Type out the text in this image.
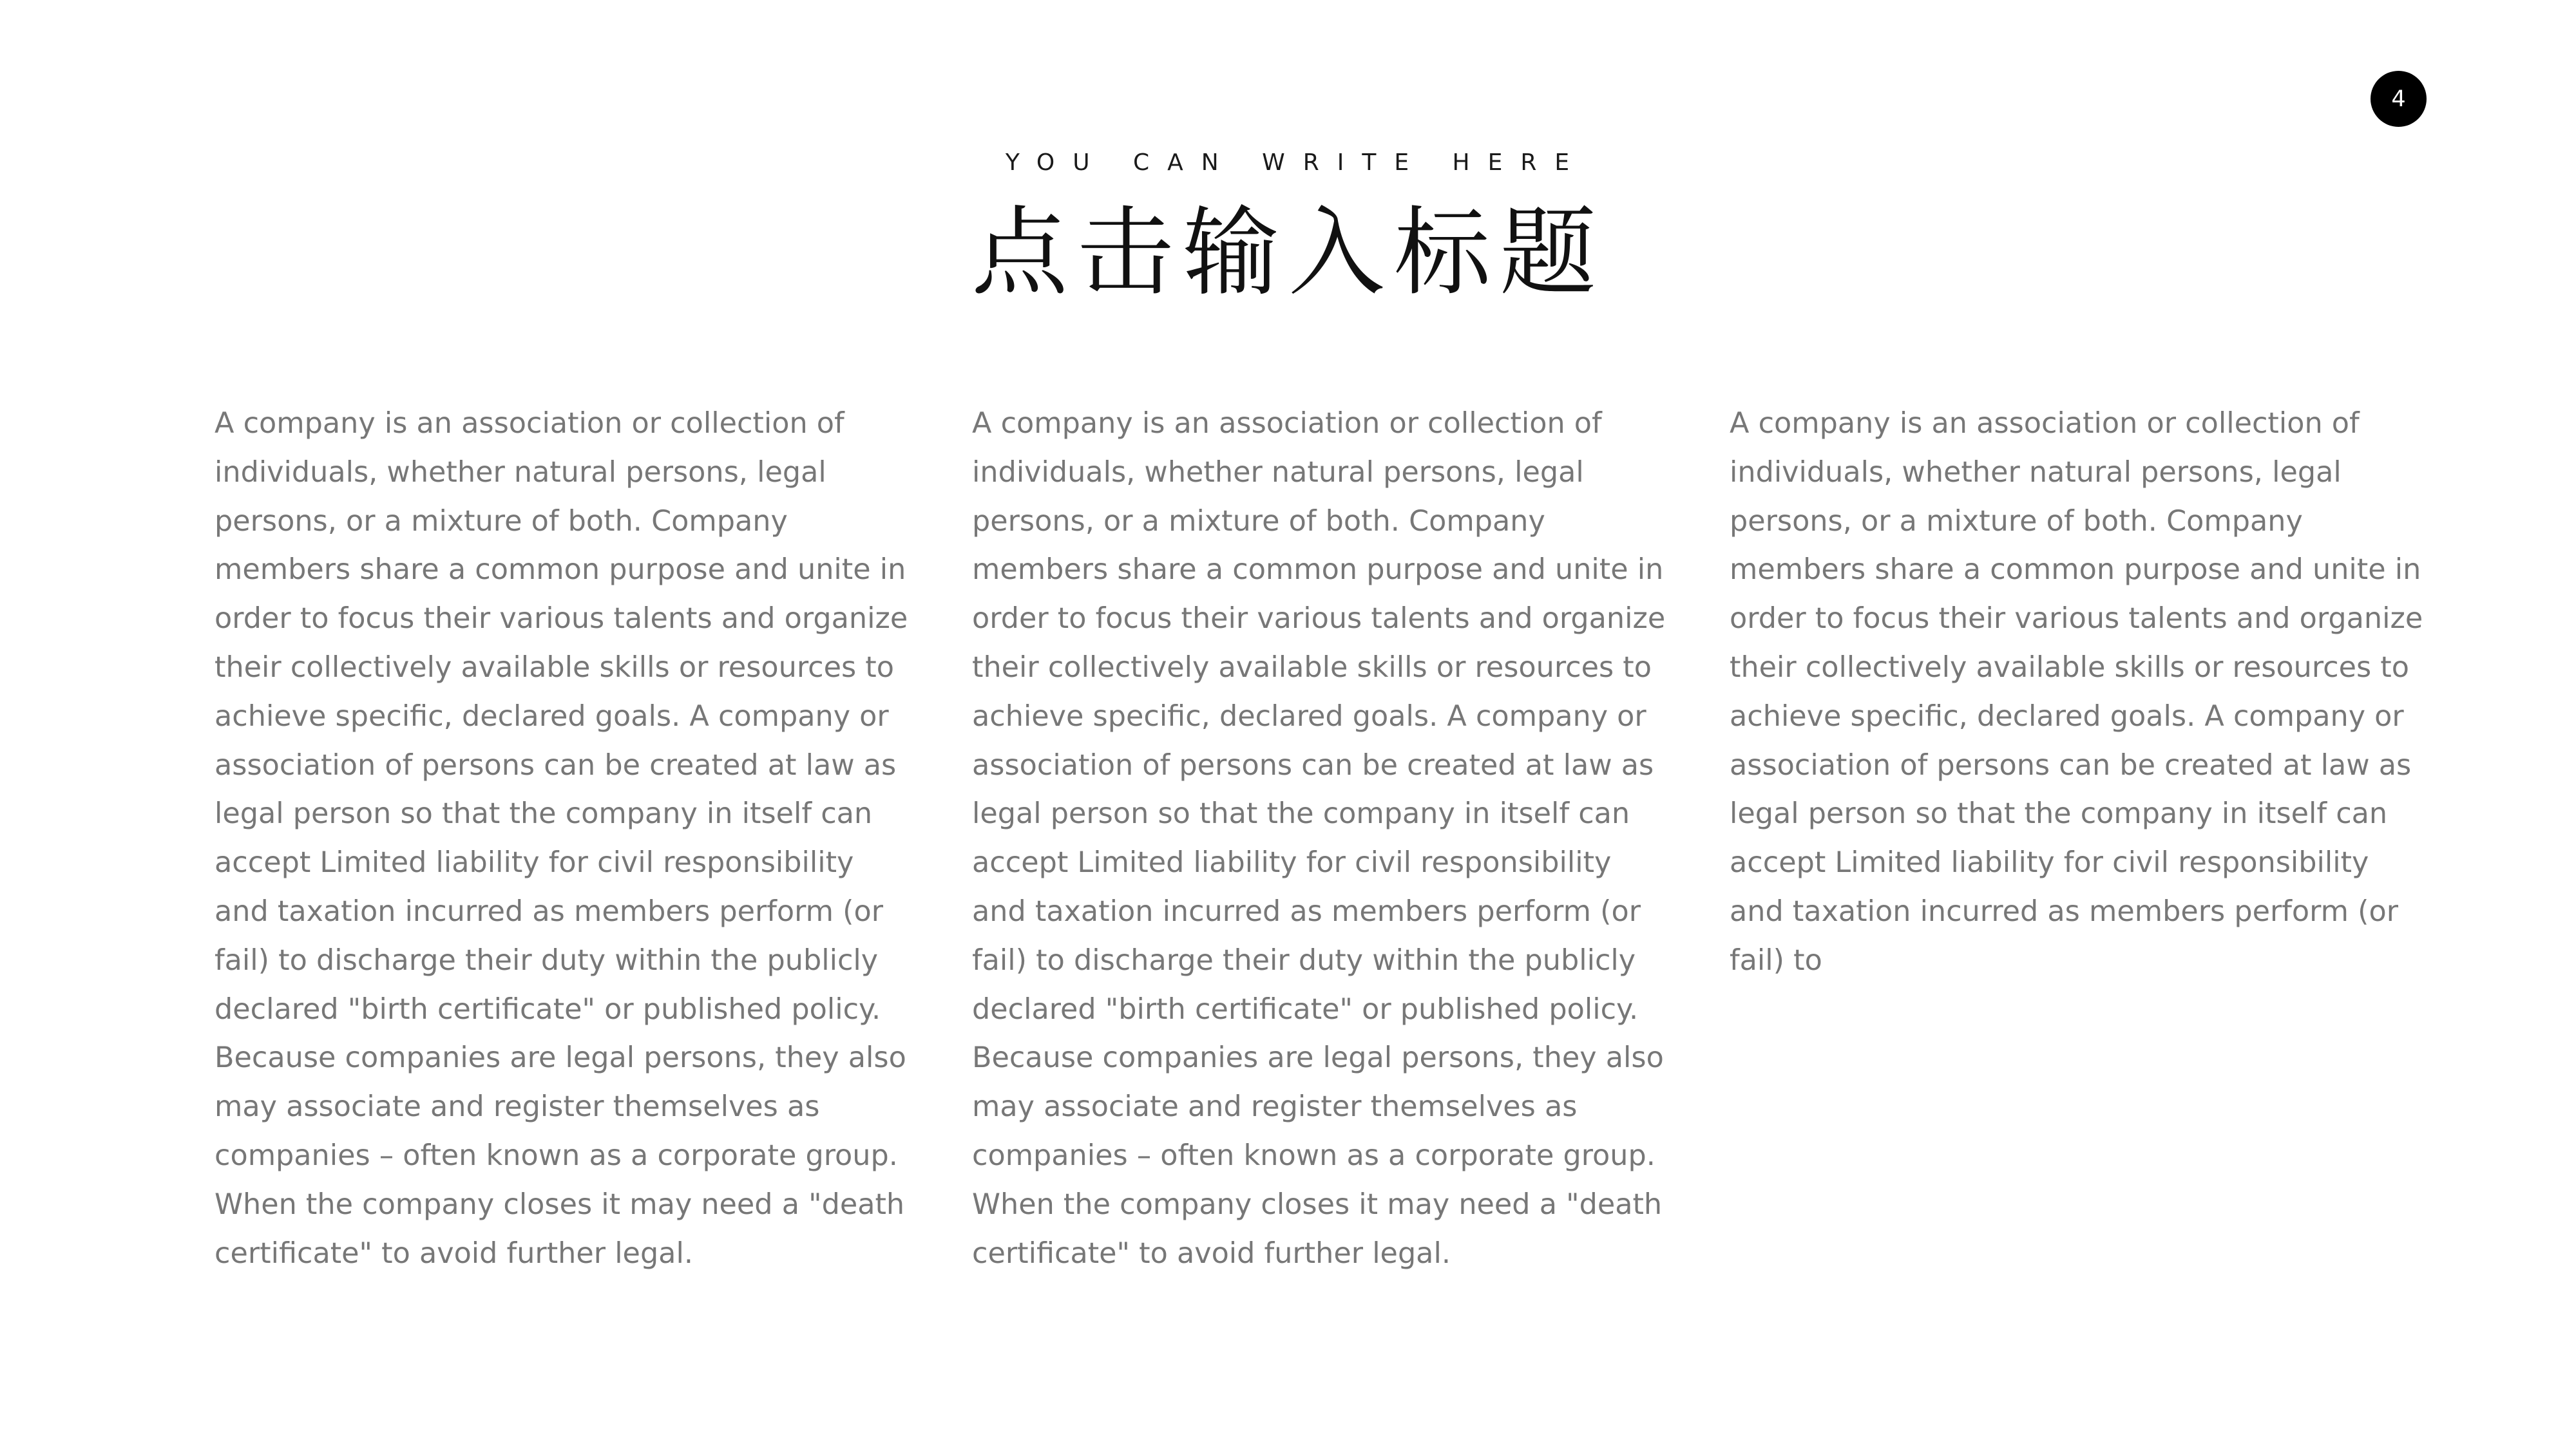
4
YOU CAN WRITE HERE
点击输入标题
A company is an association or collection of
individuals, whether natural persons, legal
persons, or a mixture of both. Company
members share a common purpose and unite in
order to focus their various talents and organize
their collectively available skills or resources to
achieve specific, declared goals. A company or
association of persons can be created at law as
legal person so that the company in itself can
accept Limited liability for civil responsibility
and taxation incurred as members perform (or
fail) to discharge their duty within the publicly
declared "birth certificate" or published policy.
Because companies are legal persons, they also
may associate and register themselves as
companies – often known as a corporate group.
When the company closes it may need a "death
certificate" to avoid further legal.
A company is an association or collection of
individuals, whether natural persons, legal
persons, or a mixture of both. Company
members share a common purpose and unite in
order to focus their various talents and organize
their collectively available skills or resources to
achieve specific, declared goals. A company or
association of persons can be created at law as
legal person so that the company in itself can
accept Limited liability for civil responsibility
and taxation incurred as members perform (or
fail) to discharge their duty within the publicly
declared "birth certificate" or published policy.
Because companies are legal persons, they also
may associate and register themselves as
companies – often known as a corporate group.
When the company closes it may need a "death
certificate" to avoid further legal.
A company is an association or collection of
individuals, whether natural persons, legal
persons, or a mixture of both. Company
members share a common purpose and unite in
order to focus their various talents and organize
their collectively available skills or resources to
achieve specific, declared goals. A company or
association of persons can be created at law as
legal person so that the company in itself can
accept Limited liability for civil responsibility
and taxation incurred as members perform (or
fail) to
